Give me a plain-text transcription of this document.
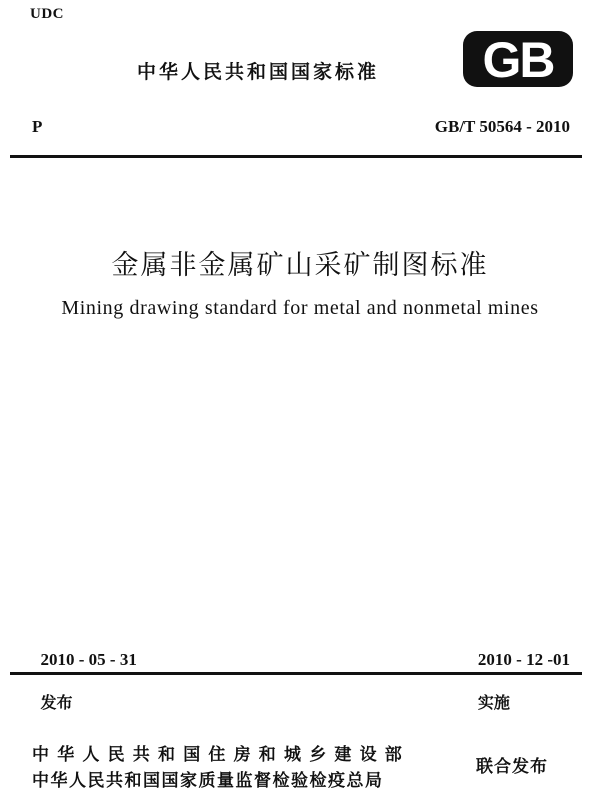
UDC
中华人民共和国国家标准 GB
P	GB/T 50564 - 2010
金属非金属矿山采矿制图标准
Mining drawing standard for metal and nonmetal mines

2010 - 05 - 31

发布

2010 - 12 -01

实施

中华人民共和国住房和城乡建设部
中华人民共和国国家质量监督检验检疫总局
联合发布
